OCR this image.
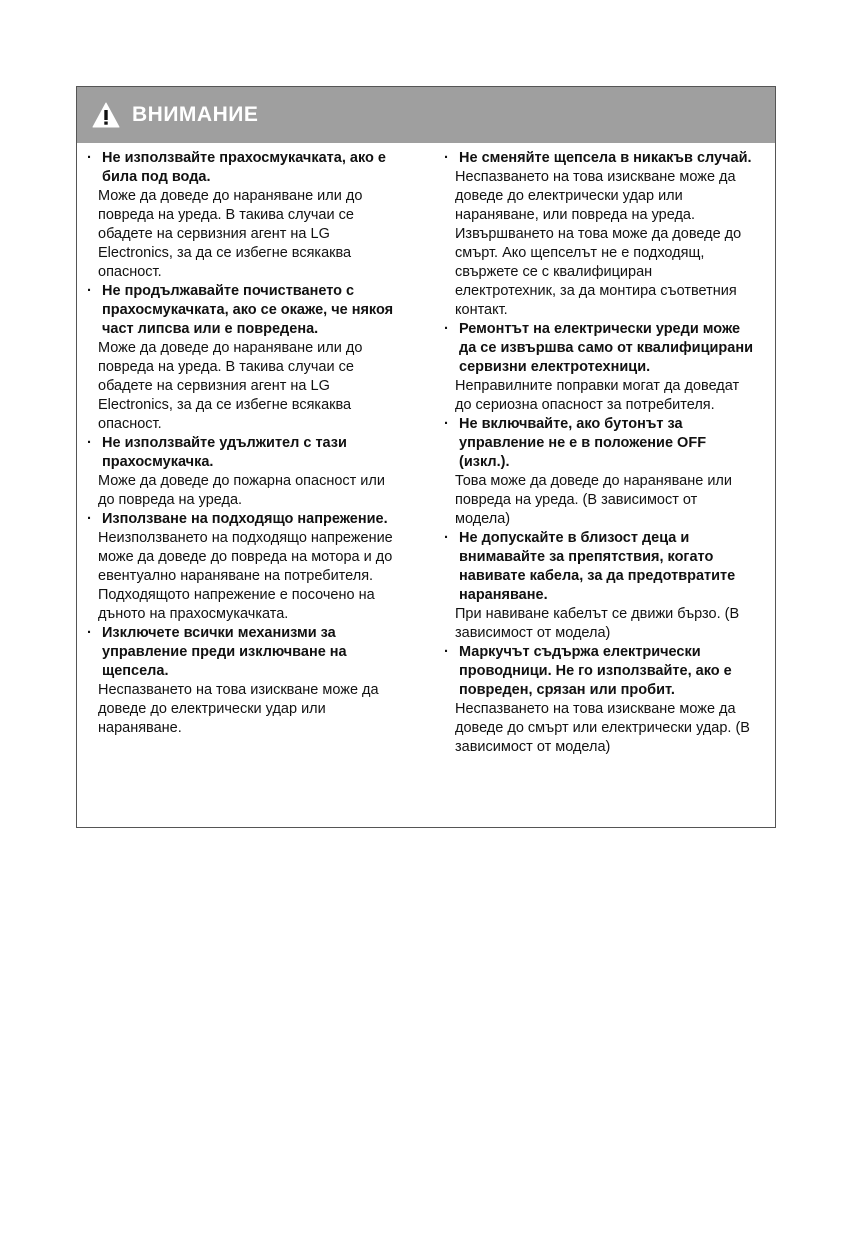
ВНИМАНИЕ
· Не използвайте прахосмукачката, ако е била под вода.
Може да доведе до нараняване или до повреда на уреда. В такива случаи се обадете на сервизния агент на LG Electronics, за да се избегне всякаква опасност.
· Не продължавайте почистването с прахосмукачката, ако се окаже, че някоя част липсва или е повредена.
Може да доведе до нараняване или до повреда на уреда. В такива случаи се обадете на сервизния агент на LG Electronics, за да се избегне всякаква опасност.
· Не използвайте удължител с тази прахосмукачка.
Може да доведе до пожарна опасност или до повреда на уреда.
· Използване на подходящо напрежение.
Неизползването на подходящо напрежение може да доведе до повреда на мотора и до евентуално нараняване на потребителя. Подходящото напрежение е посочено на дъното на прахосмукачката.
· Изключете всички механизми за управление преди изключване на щепсела.
Неспазването на това изискване може да доведе до електрически удар или нараняване.
· Не сменяйте щепсела в никакъв случай.
Неспазването на това изискване може да доведе до електрически удар или нараняване, или повреда на уреда. Извършването на това може да доведе до смърт. Ако щепселът не е подходящ, свържете се с квалифициран електротехник, за да монтира съответния контакт.
· Ремонтът на електрически уреди може да се извършва само от квалифицирани сервизни електротехници.
Неправилните поправки могат да доведат до сериозна опасност за потребителя.
· Не включвайте, ако бутонът за управление не е в положение OFF (изкл.).
Това може да доведе до нараняване или повреда на уреда. (В зависимост от модела)
· Не допускайте в близост деца и внимавайте за препятствия, когато навивате кабела, за да предотвратите нараняване.
При навиване кабелът се движи бързо. (В зависимост от модела)
· Маркучът съдържа електрически проводници. Не го използвайте, ако е повреден, срязан или пробит.
Неспазването на това изискване може да доведе до смърт или електрически удар. (В зависимост от модела)
